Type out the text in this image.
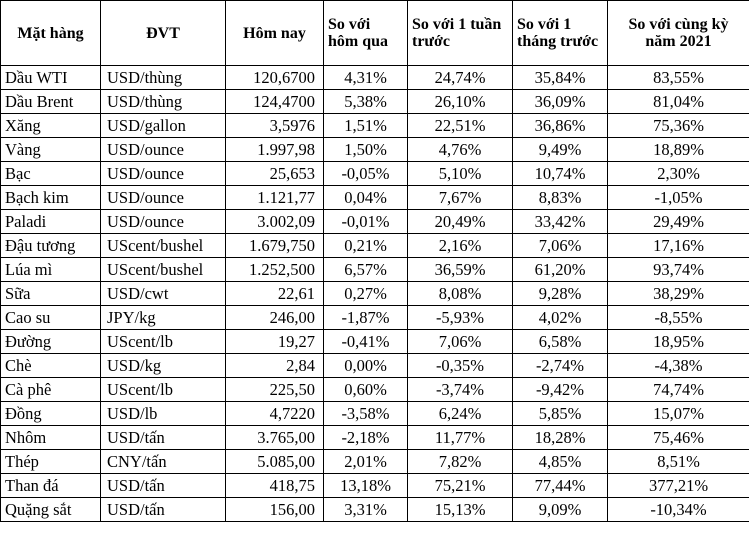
Mặt hàng	ĐVT	Hôm nay	So với hôm qua	So với 1 tuần trước	So với 1 tháng trước	So với cùng kỳ năm 2021
Dầu WTI	USD/thùng	120,6700	4,31%	24,74%	35,84%	83,55%
Dầu Brent	USD/thùng	124,4700	5,38%	26,10%	36,09%	81,04%
Xăng	USD/gallon	3,5976	1,51%	22,51%	36,86%	75,36%
Vàng	USD/ounce	1.997,98	1,50%	4,76%	9,49%	18,89%
Bạc	USD/ounce	25,653	-0,05%	5,10%	10,74%	2,30%
Bạch kim	USD/ounce	1.121,77	0,04%	7,67%	8,83%	-1,05%
Paladi	USD/ounce	3.002,09	-0,01%	20,49%	33,42%	29,49%
Đậu tương	UScent/bushel	1.679,750	0,21%	2,16%	7,06%	17,16%
Lúa mì	UScent/bushel	1.252,500	6,57%	36,59%	61,20%	93,74%
Sữa	USD/cwt	22,61	0,27%	8,08%	9,28%	38,29%
Cao su	JPY/kg	246,00	-1,87%	-5,93%	4,02%	-8,55%
Đường	UScent/lb	19,27	-0,41%	7,06%	6,58%	18,95%
Chè	USD/kg	2,84	0,00%	-0,35%	-2,74%	-4,38%
Cà phê	UScent/lb	225,50	0,60%	-3,74%	-9,42%	74,74%
Đồng	USD/lb	4,7220	-3,58%	6,24%	5,85%	15,07%
Nhôm	USD/tấn	3.765,00	-2,18%	11,77%	18,28%	75,46%
Thép	CNY/tấn	5.085,00	2,01%	7,82%	4,85%	8,51%
Than đá	USD/tấn	418,75	13,18%	75,21%	77,44%	377,21%
Quặng sắt	USD/tấn	156,00	3,31%	15,13%	9,09%	-10,34%
